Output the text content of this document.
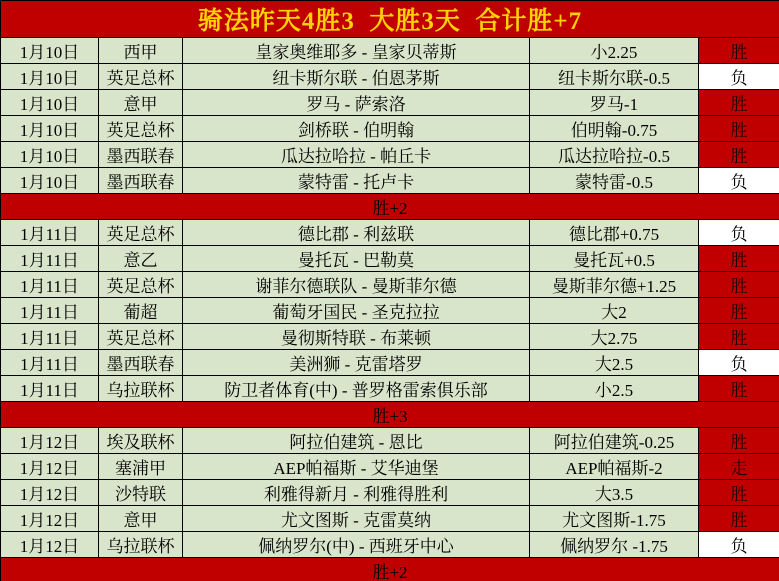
骑法昨天4胜3  大胜3天  合计胜+7				
1月10日	西甲	皇家奥维耶多 - 皇家贝蒂斯	小2.25	胜
1月10日	英足总杯	纽卡斯尔联 - 伯恩茅斯	纽卡斯尔联-0.5	负
1月10日	意甲	罗马 - 萨索洛	罗马-1	胜
1月10日	英足总杯	剑桥联 - 伯明翰	伯明翰-0.75	胜
1月10日	墨西联春	瓜达拉哈拉 - 帕丘卡	瓜达拉哈拉-0.5	胜
1月10日	墨西联春	蒙特雷 - 托卢卡	蒙特雷-0.5	负
胜+2				
1月11日	英足总杯	德比郡 - 利兹联	德比郡+0.75	负
1月11日	意乙	曼托瓦 - 巴勒莫	曼托瓦+0.5	胜
1月11日	英足总杯	谢菲尔德联队 - 曼斯菲尔德	曼斯菲尔德+1.25	胜
1月11日	葡超	葡萄牙国民 - 圣克拉拉	大2	胜
1月11日	英足总杯	曼彻斯特联 - 布莱顿	大2.75	胜
1月11日	墨西联春	美洲狮 - 克雷塔罗	大2.5	负
1月11日	乌拉联杯	防卫者体育(中) - 普罗格雷索俱乐部	小2.5	胜
胜+3				
1月12日	埃及联杯	阿拉伯建筑 - 恩比	阿拉伯建筑-0.25	胜
1月12日	塞浦甲	AEP帕福斯 - 艾华迪堡	AEP帕福斯-2	走
1月12日	沙特联	利雅得新月 - 利雅得胜利	大3.5	胜
1月12日	意甲	尤文图斯 - 克雷莫纳	尤文图斯-1.75	胜
1月12日	乌拉联杯	佩纳罗尔(中) - 西班牙中心	佩纳罗尔 -1.75	负
胜+2				
